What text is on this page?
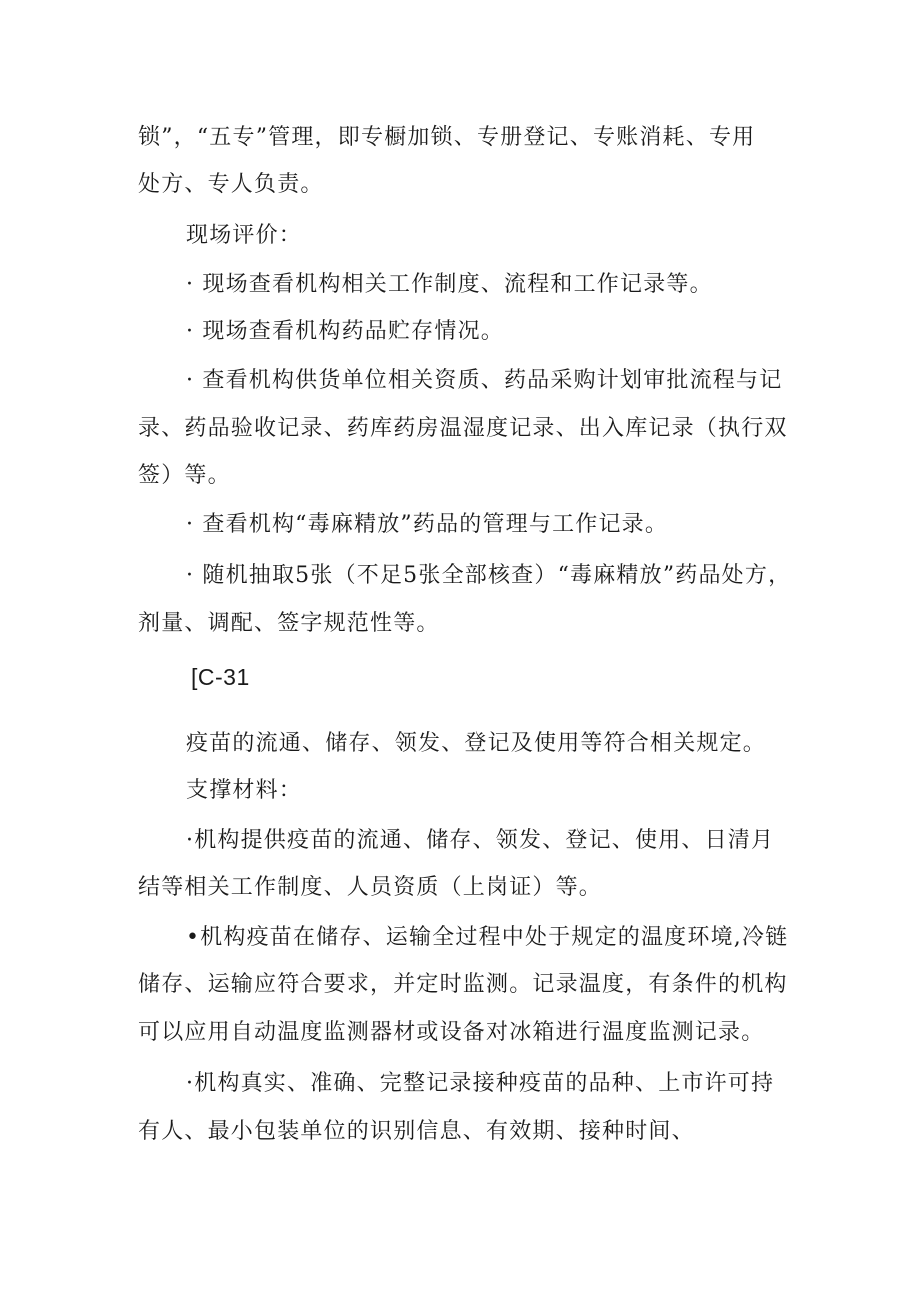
锁”，“五专”管理，即专橱加锁、专册登记、专账消耗、专用
处方、专人负责。
现场评价：
· 现场查看机构相关工作制度、流程和工作记录等。
· 现场查看机构药品贮存情况。
· 查看机构供货单位相关资质、药品采购计划审批流程与记
录、药品验收记录、药库药房温湿度记录、出入库记录（执行双
签）等。
· 查看机构“毒麻精放”药品的管理与工作记录。
· 随机抽取5张（不足5张全部核查）“毒麻精放”药品处方，
剂量、调配、签字规范性等。
[C-31
疫苗的流通、储存、领发、登记及使用等符合相关规定。
支撑材料：
·机构提供疫苗的流通、储存、领发、登记、使用、日清月
结等相关工作制度、人员资质（上岗证）等。
•机构疫苗在储存、运输全过程中处于规定的温度环境,冷链
储存、运输应符合要求，并定时监测。记录温度，有条件的机构
可以应用自动温度监测器材或设备对冰箱进行温度监测记录。
·机构真实、准确、完整记录接种疫苗的品种、上市许可持
有人、最小包装单位的识别信息、有效期、接种时间、
